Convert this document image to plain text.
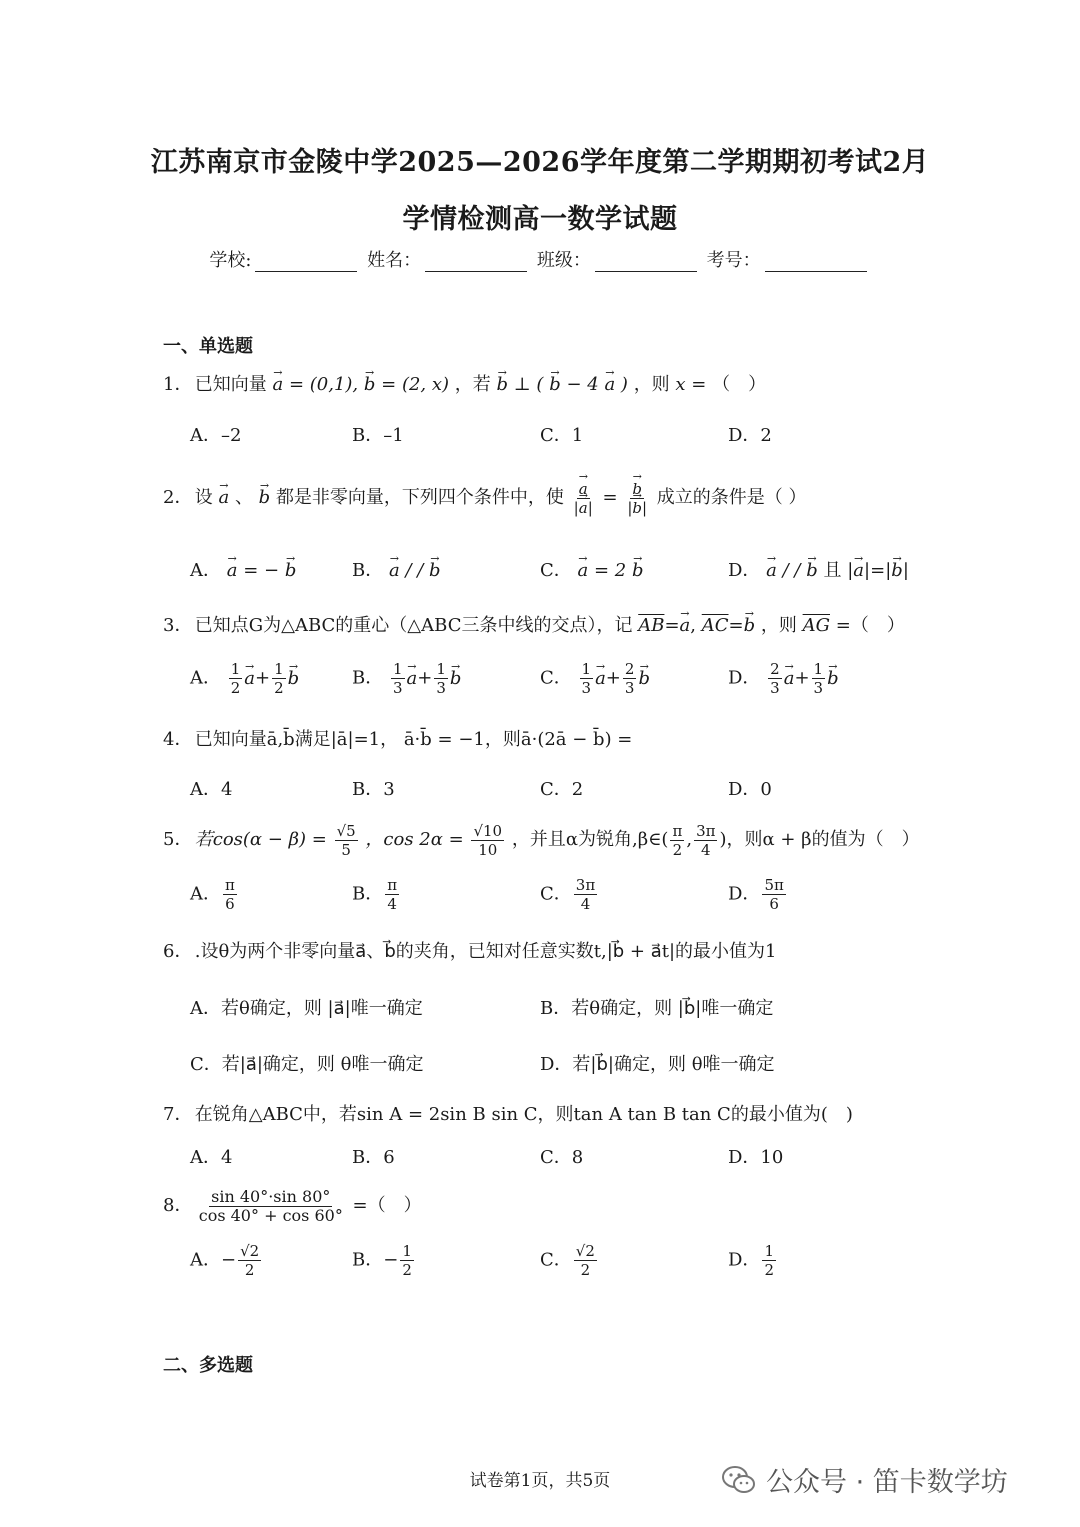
江苏南京市金陵中学2025—2026学年度第二学期期初考试2月
学情检测高一数学试题
学校:	姓名：	班级：	考号：
一、单选题
1． 已知向量 a → = (0,1), b → = (2, x) ，若 b → ⊥ ( b → − 4 a → ) ，则 x = （　）
A．–2	B．–1	C．1	D．2
2． 设 a → 、 b → 都是非零向量，下列四个条件中，使 $\frac{a \to}{|a \to|} = \frac{b \to}{|b \to|}$ 成立的条件是（ ）
A． a → = − b →	B． a → / / b →	C． a → = 2 b →	D． a → / / b → 且 |a →|=|b →|
3． 已知点G为△ABC的重心（△ABC三条中线的交点），记 $\overline{AB}=a$ →, $\overline{AC}=b$ → ，则 $\overline{AG}$ =（　）
A． $\frac{1}{2}$ $a \to+ \frac{1}{2}$ b →	B． $\frac{1}{3}$ $a \to+ \frac{1}{3}$ b →	C． $\frac{1}{3}$ $a \to+ \frac{2}{3}$ b →	D． $\frac{2}{3}$ $a \to+ \frac{1}{3}$ b →
4． 已知向量ā,b̄满足|ā|=1， ā·b̄ = −1，则ā·(2ā − b̄) =
A．4	B．3	C．2	D．0
5． 若$\cos(\alpha - \beta) = \frac{√5}{5}$ ，$\cos 2\alpha = \frac{√10}{10}$ ，并且α为锐角,β∈( $\frac{\pi}{2}$ , $\frac{3\pi}{4}$ )，则α + β的值为（　）
A． $\frac{\pi}{6}$	B． $\frac{\pi}{4}$	C． $\frac{3\pi}{4}$	D． $\frac{5\pi}{6}$
6． .设θ为两个非零向量a⃗、b⃗的夹角，已知对任意实数t,|b⃗ + a⃗t|的最小值为1
A．若θ确定，则 |a⃗|唯一确定	B．若θ确定，则 |b⃗|唯一确定
C．若|a⃗|确定，则 θ唯一确定	D．若|b⃗|确定，则 θ唯一确定
7． 在锐角△ABC中，若sin A = 2sin B sin C，则tan A tan B tan C的最小值为(　)
A．4	B．6	C．8	D．10
8． $\frac{\sin 40^\circ\cdot\sin 80^\circ}{\cos 40^\circ + \cos 60^\circ}$ =（　）
A．− $\frac{√2}{2}$	B．− $\frac{1}{2}$	C． $\frac{√2}{2}$	D． $\frac{1}{2}$
二、多选题
试卷第1页，共5页	公众号 · 笛卡数学坊
